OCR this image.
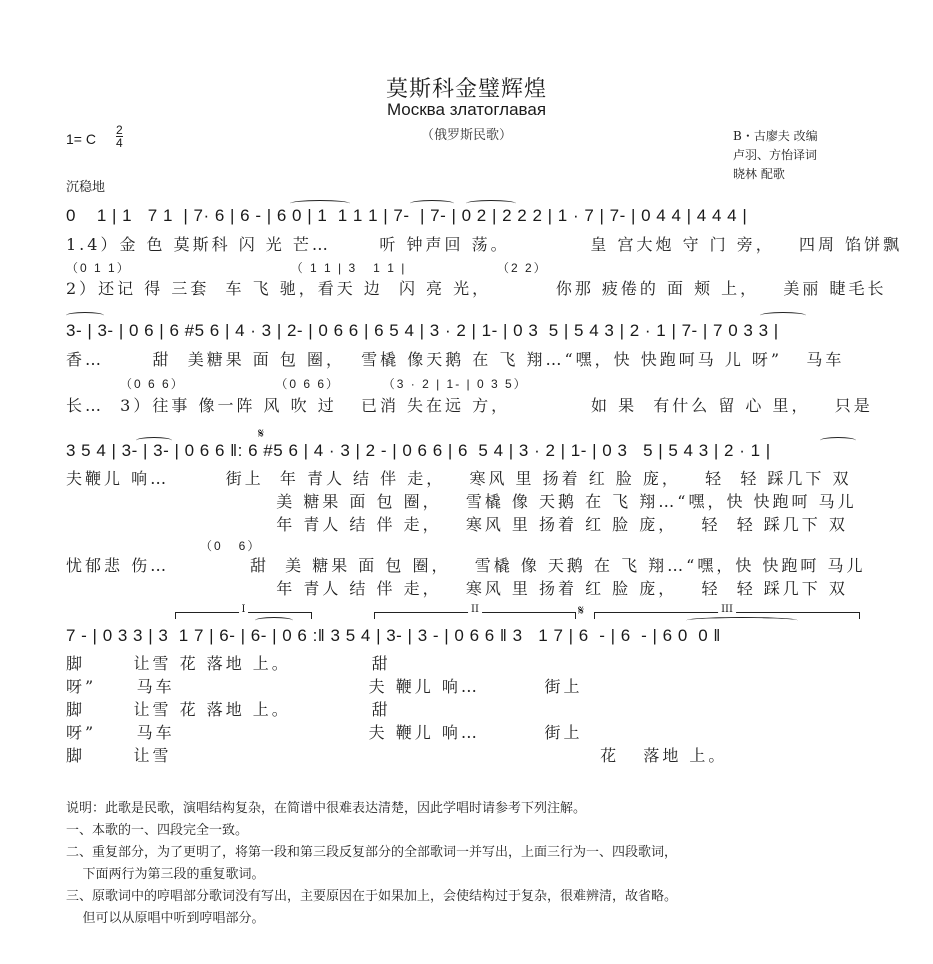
莫斯科金璧辉煌
Москва златоглавая
（俄罗斯民歌）
1= C
2
4
沉稳地
B・古廖夫 改编
卢羽、方怡译词
晓林 配歌
0    1 | 1   7 1  | 7· 6 | 6 - | 6 0 | 1  1 1 1 | 7-  | 7- | 0 2 | 2 2 2 | 1 · 7 | 7- | 0 4 4 | 4 4 4 |
1.4）金 色 莫斯科 闪 光 芒…      听 钟声回 荡。          皇 宫大炮 守 门 旁，   四周 馅饼飘
（0 1 1）                              （ 1 1 | 3   1 1 |                 （2 2）
2）还记 得 三套  车 飞 驰，看天 边  闪 亮 光，        你那 疲倦的 面 颊 上，   美丽 睫毛长
3- | 3- | 0 6 | 6 #5 6 | 4 · 3 | 2- | 0 6 6 | 6 5 4 | 3 · 2 | 1- | 0 3  5 | 5 4 3 | 2 · 1 | 7- | 7 0 3 3 |
香…      甜  美糖果 面 包 圈，  雪橇 像天鹅 在 飞 翔…“嘿，快 快跑呵马 儿 呀”   马车
（0 6 6）                 （0 6 6）        （3 · 2 | 1- | 0 3 5）
长…  3）往事 像一阵 风 吹 过   已消 失在远 方，          如 果  有什么 留 心 里，   只是
𝄋
3 5 4 | 3- | 3- | 0 6 6 ‖: 6 #5 6 | 4 · 3 | 2 - | 0 6 6 | 6  5 4 | 3 · 2 | 1- | 0 3   5 | 5 4 3 | 2 · 1 |
夫鞭儿 响…       街上  年 青人 结 伴 走，   寒风 里 扬着 红 脸 庞，   轻  轻 踩几下 双
美 糖果 面 包 圈，   雪橇 像 天鹅 在 飞 翔…“嘿，快 快跑呵 马儿
年 青人 结 伴 走，   寒风 里 扬着 红 脸 庞，   轻  轻 踩几下 双
（0   6）
忧郁悲 伤…          甜  美 糖果 面 包 圈，   雪橇 像 天鹅 在 飞 翔…“嘿，快 快跑呵 马儿
年 青人 结 伴 走，   寒风 里 扬着 红 脸 庞，   轻  轻 踩几下 双
I	II	𝄋	III
7 - | 0 3 3 | 3  1 7 | 6- | 6- | 0 6 :‖ 3 5 4 | 3- | 3 - | 0 6 6 ‖ 3   1 7 | 6  - | 6  - | 6 0  0 ‖
脚      让雪 花 落地 上。          甜
呀”     马车                        夫 鞭儿 响…        街上
脚      让雪 花 落地 上。          甜
呀”     马车                        夫 鞭儿 响…        街上
脚      让雪                                                     花   落地 上。
说明：此歌是民歌，演唱结构复杂，在简谱中很难表达清楚，因此学唱时请参考下列注解。
一、本歌的一、四段完全一致。
二、重复部分，为了更明了，将第一段和第三段反复部分的全部歌词一并写出，上面三行为一、四段歌词，
下面两行为第三段的重复歌词。
三、原歌词中的哼唱部分歌词没有写出，主要原因在于如果加上，会使结构过于复杂，很难辨清，故省略。
但可以从原唱中听到哼唱部分。
